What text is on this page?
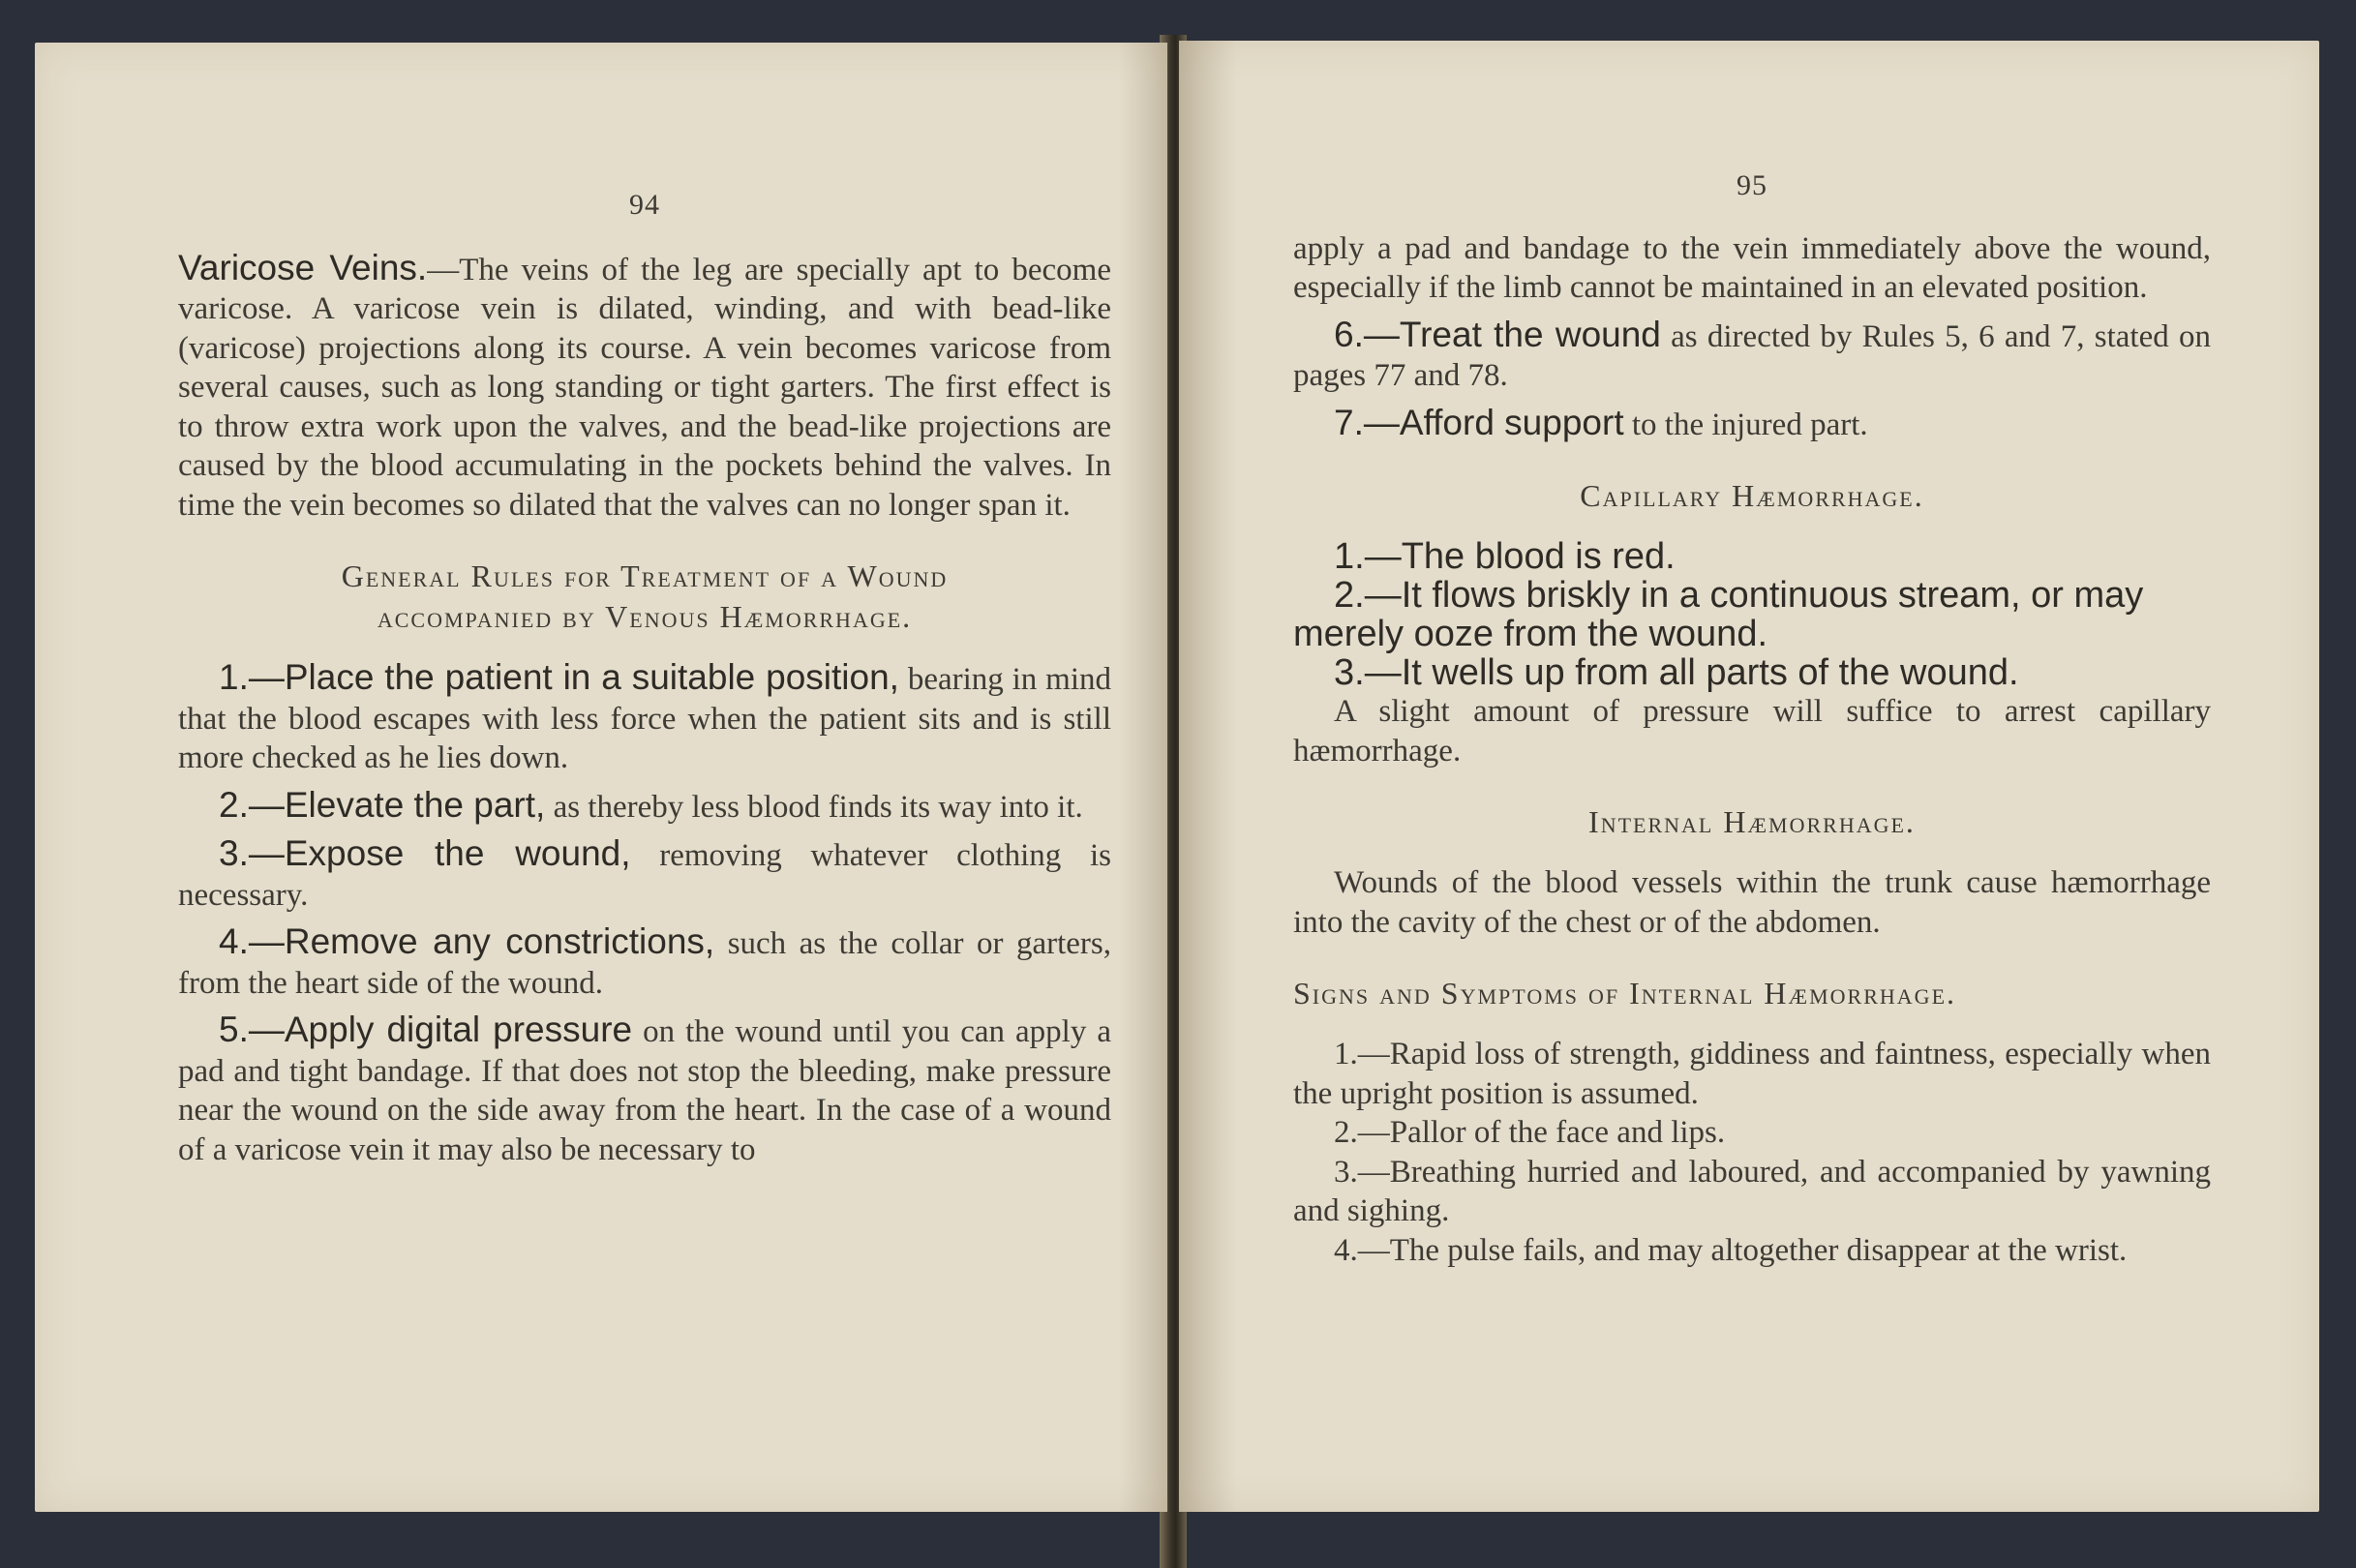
94

Varicose Veins.—The veins of the leg are specially apt to become varicose. A varicose vein is dilated, winding, and with bead-like (varicose) projections along its course. A vein becomes varicose from several causes, such as long standing or tight garters. The first effect is to throw extra work upon the valves, and the bead-like projections are caused by the blood accumulating in the pockets behind the valves. In time the vein becomes so dilated that the valves can no longer span it.

General Rules for Treatment of a Wound
accompanied by Venous Hæmorrhage.

1.—Place the patient in a suitable position, bearing in mind that the blood escapes with less force when the patient sits and is still more checked as he lies down.

2.—Elevate the part, as thereby less blood finds its way into it.

3.—Expose the wound, removing whatever clothing is necessary.

4.—Remove any constrictions, such as the collar or garters, from the heart side of the wound.

5.—Apply digital pressure on the wound until you can apply a pad and tight bandage. If that does not stop the bleeding, make pressure near the wound on the side away from the heart. In the case of a wound of a varicose vein it may also be necessary to

95

apply a pad and bandage to the vein immediately above the wound, especially if the limb cannot be maintained in an elevated position.

6.—Treat the wound as directed by Rules 5, 6 and 7, stated on pages 77 and 78.

7.—Afford support to the injured part.

Capillary Hæmorrhage.

1.—The blood is red.

2.—It flows briskly in a continuous stream, or may merely ooze from the wound.

3.—It wells up from all parts of the wound.

A slight amount of pressure will suffice to arrest capillary hæmorrhage.

Internal Hæmorrhage.

Wounds of the blood vessels within the trunk cause hæmorrhage into the cavity of the chest or of the abdomen.

Signs and Symptoms of Internal Hæmorrhage.

1.—Rapid loss of strength, giddiness and faintness, especially when the upright position is assumed.

2.—Pallor of the face and lips.

3.—Breathing hurried and laboured, and accompanied by yawning and sighing.

4.—The pulse fails, and may altogether disappear at the wrist.
